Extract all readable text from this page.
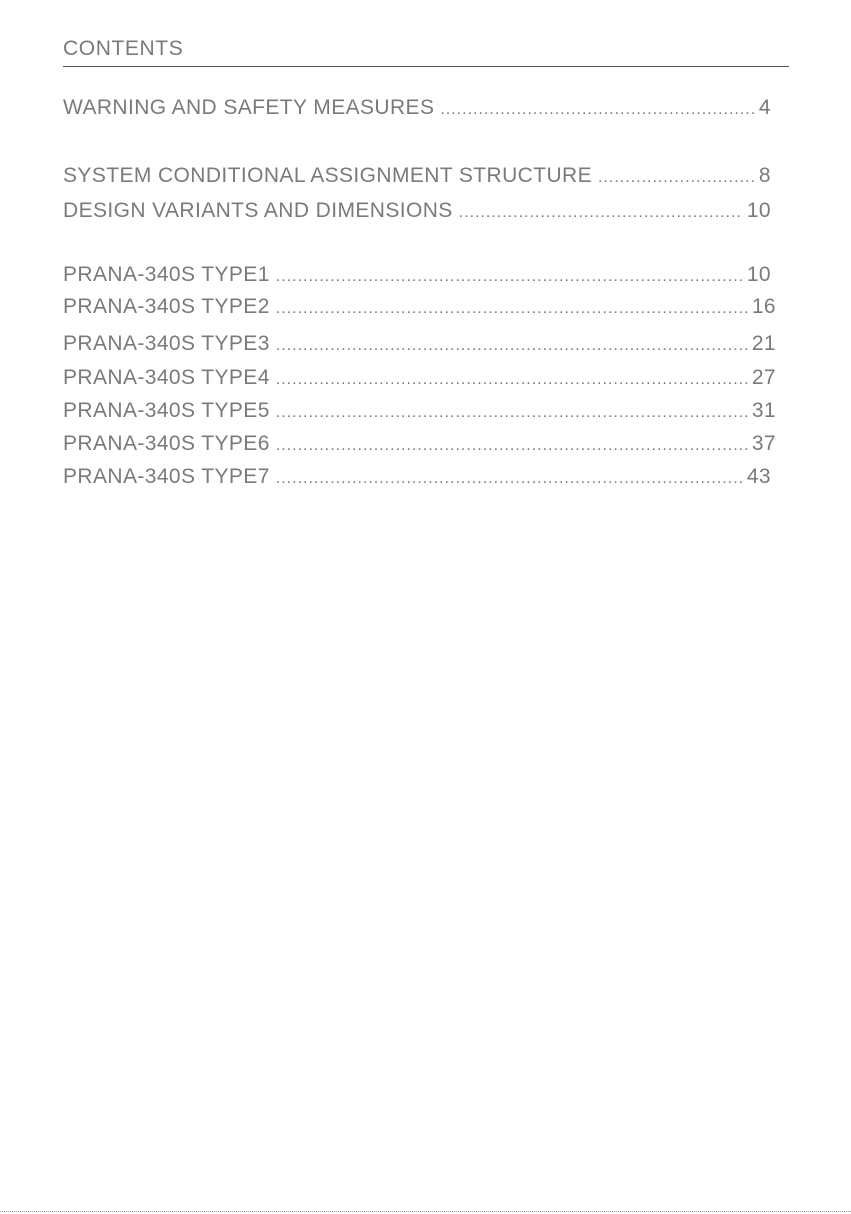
CONTENTS
WARNING AND SAFETY MEASURES .....	4
SYSTEM CONDITIONAL ASSIGNMENT STRUCTURE .....	8
DESIGN VARIANTS AND DIMENSIONS .....	10
PRANA-340S TYPE1 .....	10
PRANA-340S TYPE2 .....	16
PRANA-340S TYPE3 .....	21
PRANA-340S TYPE4 .....	27
PRANA-340S TYPE5 .....	31
PRANA-340S TYPE6 .....	37
PRANA-340S TYPE7 .....	43
